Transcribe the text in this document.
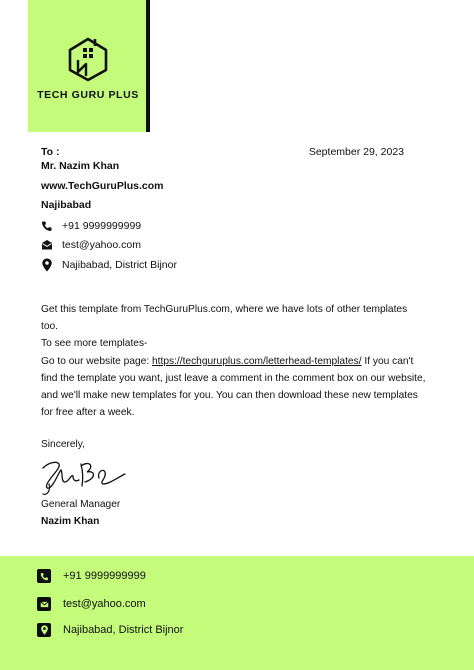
TECH GURU PLUS
To :	September 29, 2023
Mr. Nazim Khan
www.TechGuruPlus.com
Najibabad
+91 9999999999
test@yahoo.com
Najibabad, District Bijnor

Get this template from TechGuruPlus.com, where we have lots of other templates too.

To see more templates-

Go to our website page: https://techguruplus.com/letterhead-templates/ If you can't find the template you want, just leave a comment in the comment box on our website, and we'll make new templates for you. You can then download these new templates for free after a week.

Sincerely,
General Manager
Nazim Khan
+91 9999999999
test@yahoo.com
Najibabad, District Bijnor
